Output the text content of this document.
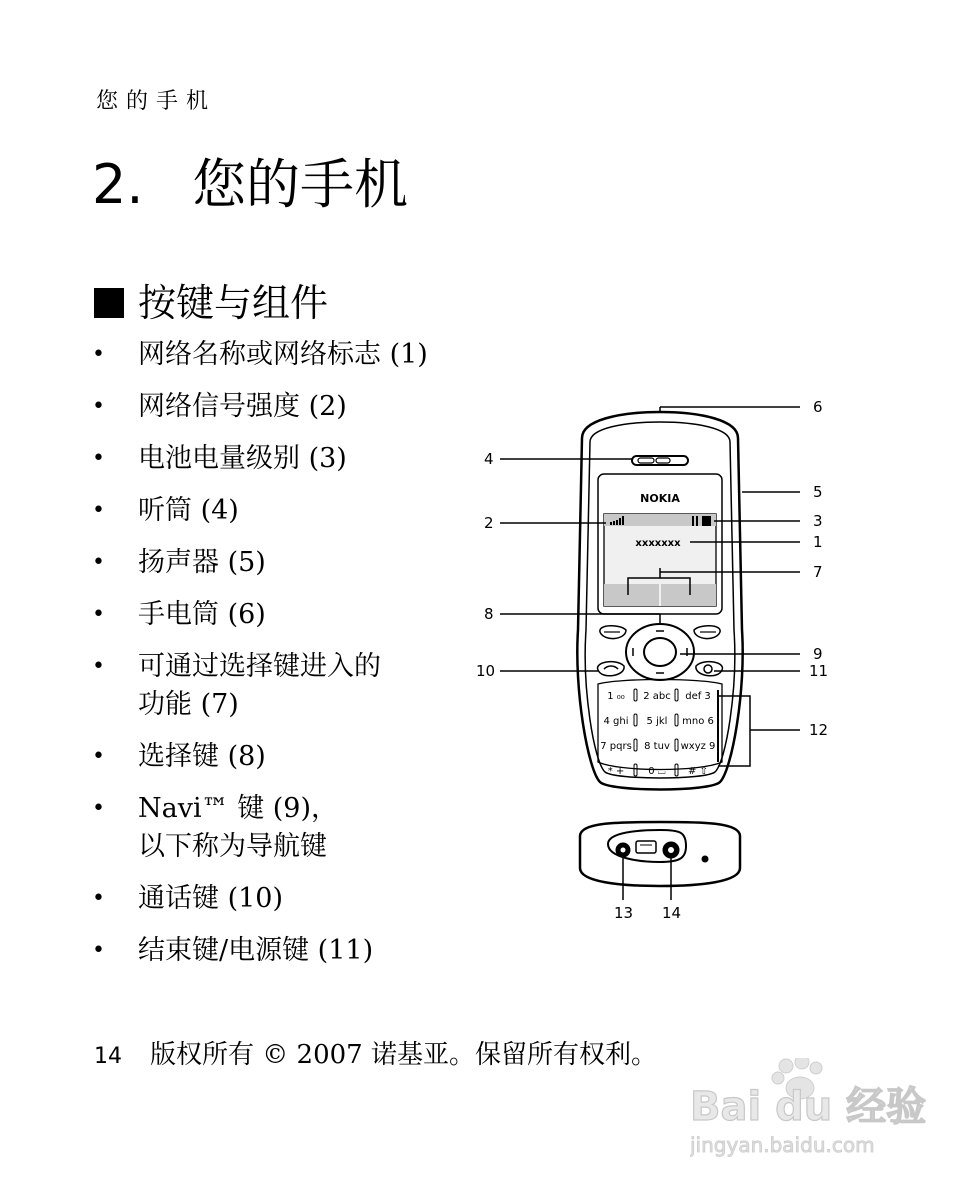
您的手机
2. 您的手机
按键与组件
• 网络名称或网络标志 (1)
• 网络信号强度 (2)
• 电池电量级别 (3)
• 听筒 (4)
• 扬声器 (5)
• 手电筒 (6)
• 可通过选择键进入的
功能 (7)
• 选择键 (8)
• Navi™ 键 (9)，
以下称为导航键
• 通话键 (10)
• 结束键/电源键 (11)
1 ₀₀ 2 abc def 3
4 ghi 5 jkl mno 6
7 pqrs 8 tuv wxyz 9
* + 0 ⌴ # ⇧
NOKIA
xxxxxxx	1
2	3
4
5
6
7
8
9
10	11
12
13 14
14 版权所有 © 2007 诺基亚。保留所有权利。
Bai du 经验
jingyan.baidu.com
